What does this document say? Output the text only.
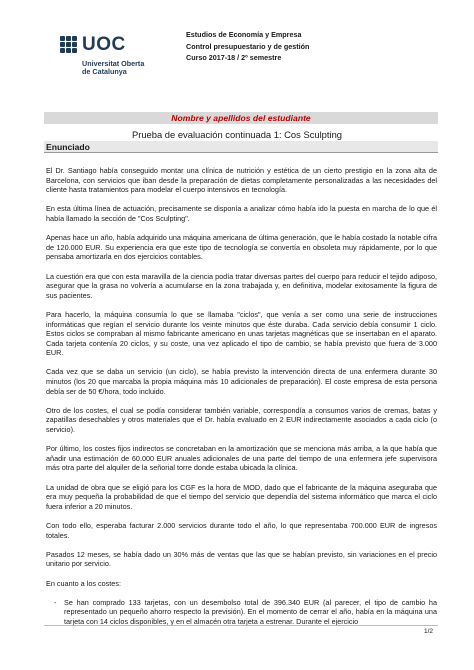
UOC
Universitat Oberta de Catalunya
Estudios de Economía y Empresa
Control presupuestario y de gestión
Curso 2017-18 / 2º semestre
Nombre y apellidos del estudiante
Prueba de evaluación continuada 1: Cos Sculpting
Enunciado

El Dr. Santiago había conseguido montar una clínica de nutrición y estética de un cierto prestigio en la zona alta de Barcelona, con servicios que iban desde la preparación de dietas completamente personalizadas a las necesidades del cliente hasta tratamientos para modelar el cuerpo intensivos en tecnología.

En esta última línea de actuación, precisamente se disponía a analizar cómo había ido la puesta en marcha de lo que él había llamado la sección de "Cos Sculpting".

Apenas hace un año, había adquirido una máquina americana de última generación, que le había costado la notable cifra de 120.000 EUR. Su experiencia era que este tipo de tecnología se convertía en obsoleta muy rápidamente, por lo que pensaba amortizarla en dos ejercicios contables.

La cuestión era que con esta maravilla de la ciencia podía tratar diversas partes del cuerpo para reducir el tejido adiposo, asegurar que la grasa no volvería a acumularse en la zona trabajada y, en definitiva, modelar exitosamente la figura de sus pacientes.

Para hacerlo, la máquina consumía lo que se llamaba "ciclos", que venía a ser como una serie de instrucciones informáticas que regían el servicio durante los veinte minutos que éste duraba. Cada servicio debía consumir 1 ciclo. Estos ciclos se compraban al mismo fabricante americano en unas tarjetas magnéticas que se insertaban en el aparato. Cada tarjeta contenía 20 ciclos, y su coste, una vez aplicado el tipo de cambio, se había previsto que fuera de 3.000 EUR.

Cada vez que se daba un servicio (un ciclo), se había previsto la intervención directa de una enfermera durante 30 minutos (los 20 que marcaba la propia máquina más 10 adicionales de preparación). El coste empresa de esta persona debía ser de 50 €/hora, todo incluido.

Otro de los costes, el cual se podía considerar también variable, correspondía a consumos varios de cremas, batas y zapatillas desechables y otros materiales que el Dr. había evaluado en 2 EUR indirectamente asociados a cada ciclo (o servicio).

Por último, los costes fijos indirectos se concretaban en la amortización que se menciona más arriba, a la que había que añadir una estimación de 60.000 EUR anuales adicionales de una parte del tiempo de una enfermera jefe supervisora más otra parte del alquiler de la señorial torre donde estaba ubicada la clínica.

La unidad de obra que se eligió para los CGF es la hora de MOD, dado que el fabricante de la máquina aseguraba que era muy pequeña la probabilidad de que el tiempo del servicio que dependía del sistema informático que marca el ciclo fuera inferior a 20 minutos.

Con todo ello, esperaba facturar 2.000 servicios durante todo el año, lo que representaba 700.000 EUR de ingresos totales.

Pasados 12 meses, se había dado un 30% más de ventas que las que se habían previsto, sin variaciones en el precio unitario por servicio.

En cuanto a los costes:

- Se han comprado 133 tarjetas, con un desembolso total de 396.340 EUR (al parecer, el tipo de cambio ha representado un pequeño ahorro respecto la previsión). En el momento de cerrar el año, había en la máquina una tarjeta con 14 ciclos disponibles, y en el almacén otra tarjeta a estrenar. Durante el ejercicio
1/2
